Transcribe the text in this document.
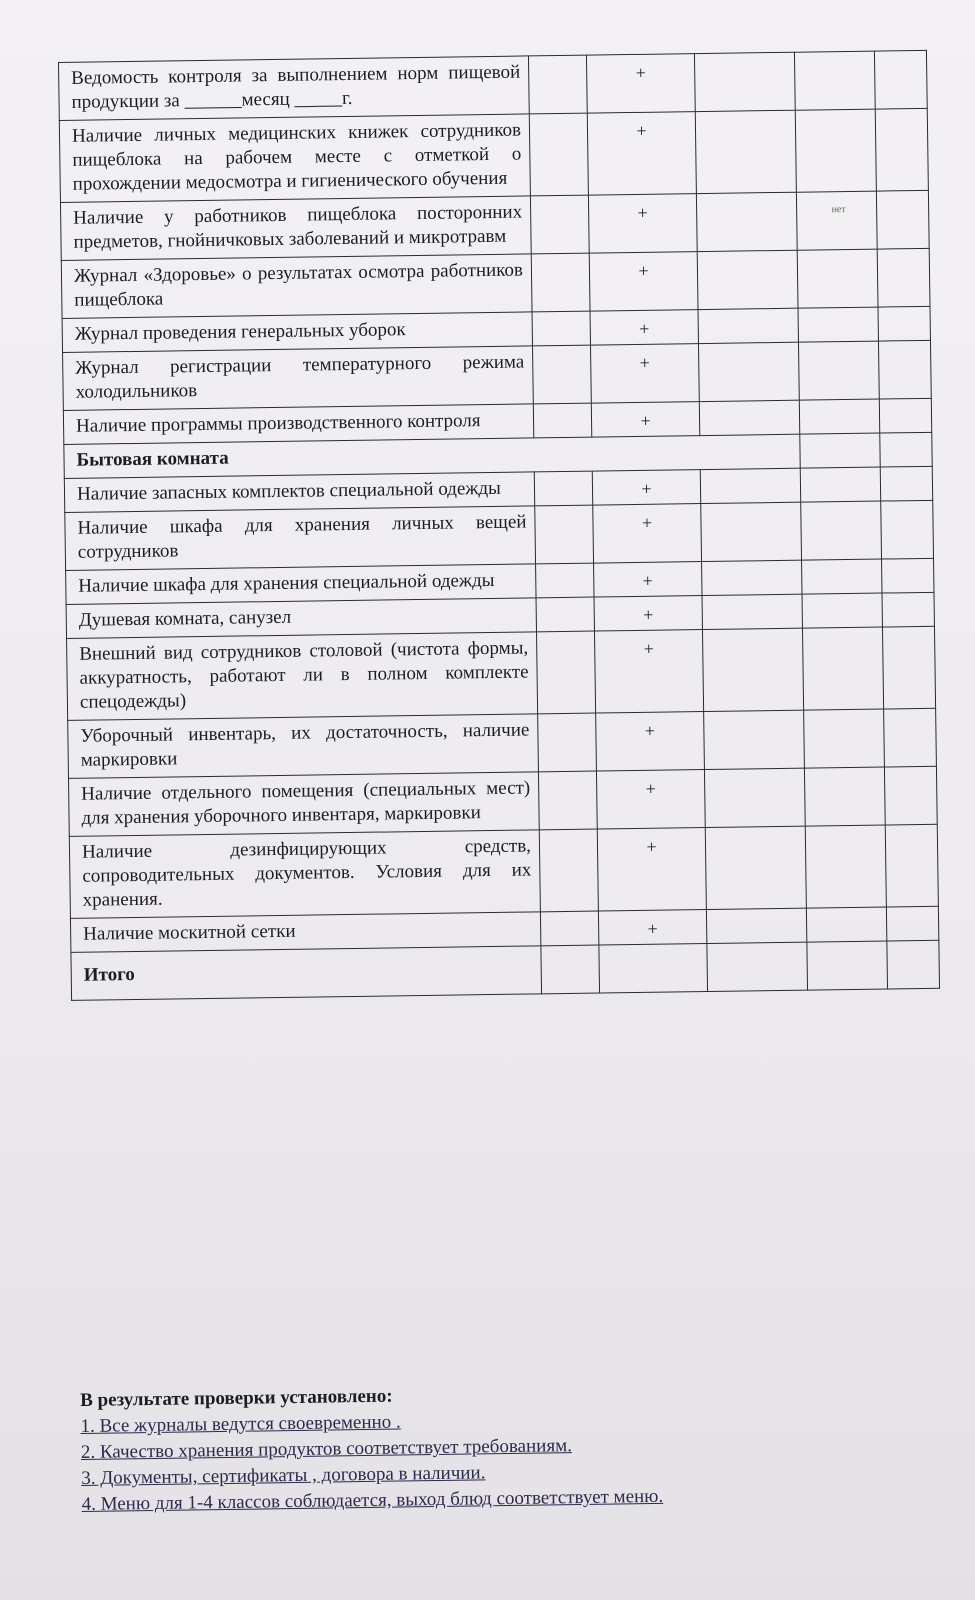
Ведомость контроля за выполнением норм пищевой продукции за ______месяц _____г.		+			
Наличие личных медицинских книжек сотрудников пищеблока на рабочем месте с отметкой о прохождении медосмотра и гигиенического обучения		+			
Наличие у работников пищеблока посторонних предметов, гнойничковых заболеваний и микротравм		+		нет	
Журнал «Здоровье» о результатах осмотра работников пищеблока		+			
Журнал проведения генеральных уборок		+			
Журнал регистрации температурного режима холодильников		+			
Наличие программы производственного контроля		+			
Бытовая комната					
Наличие запасных комплектов специальной одежды		+			
Наличие шкафа для хранения личных вещей сотрудников		+			
Наличие шкафа для хранения специальной одежды		+			
Душевая комната, санузел		+			
Внешний вид сотрудников столовой (чистота формы, аккуратность, работают ли в полном комплекте спецодежды)		+			
Уборочный инвентарь, их достаточность, наличие маркировки		+			
Наличие отдельного помещения (специальных мест) для хранения уборочного инвентаря, маркировки		+			
Наличие дезинфицирующих средств, сопроводительных документов. Условия для их хранения.		+			
Наличие москитной сетки		+			
Итого					
В результате проверки установлено:

1. Все журналы ведутся своевременно .

2. Качество хранения продуктов соответствует требованиям.

3. Документы, сертификаты , договора в наличии.

4. Меню для 1-4 классов соблюдается, выход блюд соответствует меню.
